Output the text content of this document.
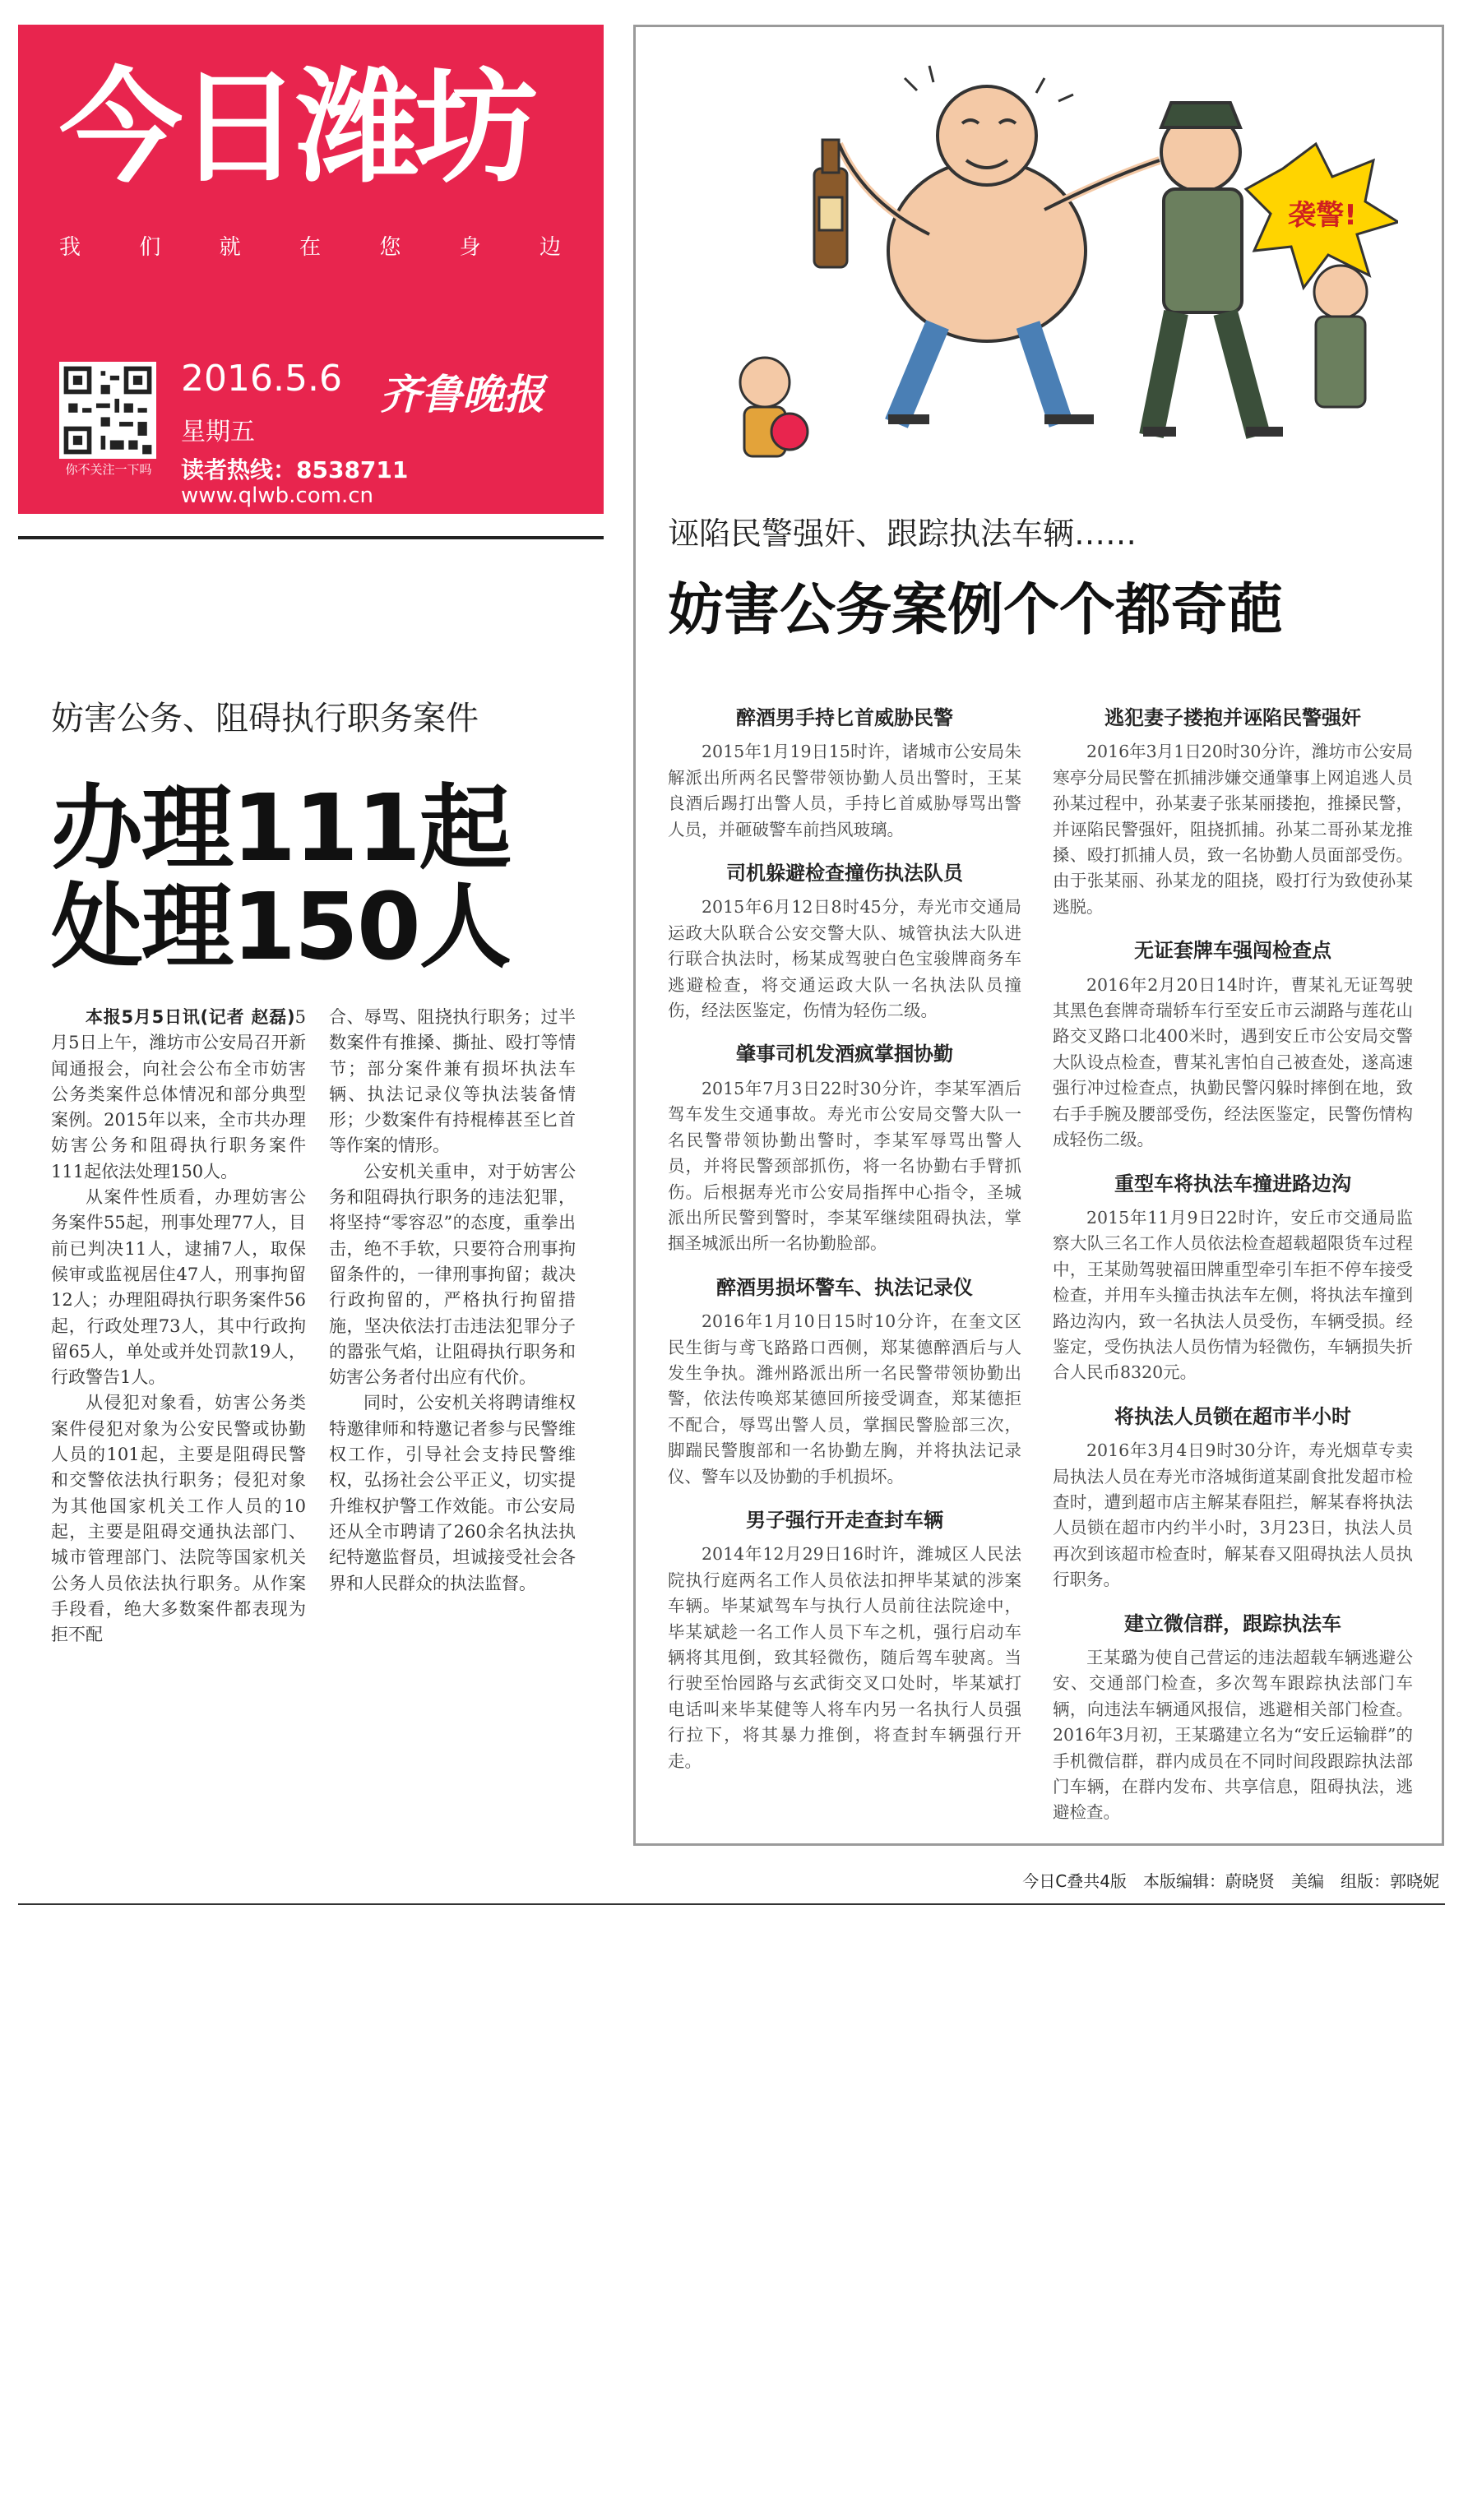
今日潍坊
我	们	就	在	您	身	边
你不关注一下吗
2016.5.6
星期五
齐鲁晚报
读者热线：8538711
www.qlwb.com.cn
妨害公务、阻碍执行职务案件
办理111起
处理150人

本报5月5日讯(记者 赵磊)5月5日上午，潍坊市公安局召开新闻通报会，向社会公布全市妨害公务类案件总体情况和部分典型案例。2015年以来，全市共办理妨害公务和阻碍执行职务案件111起依法处理150人。

从案件性质看，办理妨害公务案件55起，刑事处理77人，目前已判决11人，逮捕7人，取保候审或监视居住47人，刑事拘留12人；办理阻碍执行职务案件56起，行政处理73人，其中行政拘留65人，单处或并处罚款19人，行政警告1人。

从侵犯对象看，妨害公务类案件侵犯对象为公安民警或协勤人员的101起，主要是阻碍民警和交警依法执行职务；侵犯对象为其他国家机关工作人员的10起，主要是阻碍交通执法部门、城市管理部门、法院等国家机关公务人员依法执行职务。从作案手段看，绝大多数案件都表现为拒不配

合、辱骂、阻挠执行职务；过半数案件有推搡、撕扯、殴打等情节；部分案件兼有损坏执法车辆、执法记录仪等执法装备情形；少数案件有持棍棒甚至匕首等作案的情形。

公安机关重申，对于妨害公务和阻碍执行职务的违法犯罪，将坚持“零容忍”的态度，重拳出击，绝不手软，只要符合刑事拘留条件的，一律刑事拘留；裁决行政拘留的，严格执行拘留措施，坚决依法打击违法犯罪分子的嚣张气焰，让阻碍执行职务和妨害公务者付出应有代价。

同时，公安机关将聘请维权特邀律师和特邀记者参与民警维权工作，引导社会支持民警维权，弘扬社会公平正义，切实提升维权护警工作效能。市公安局还从全市聘请了260余名执法执纪特邀监督员，坦诚接受社会各界和人民群众的执法监督。

袭警!
诬陷民警强奸、跟踪执法车辆……
妨害公务案例个个都奇葩
醉酒男手持匕首威胁民警

2015年1月19日15时许，诸城市公安局朱解派出所两名民警带领协勤人员出警时，王某良酒后踢打出警人员，手持匕首威胁辱骂出警人员，并砸破警车前挡风玻璃。

司机躲避检查撞伤执法队员

2015年6月12日8时45分，寿光市交通局运政大队联合公安交警大队、城管执法大队进行联合执法时，杨某成驾驶白色宝骏牌商务车逃避检查，将交通运政大队一名执法队员撞伤，经法医鉴定，伤情为轻伤二级。

肇事司机发酒疯掌掴协勤

2015年7月3日22时30分许，李某军酒后驾车发生交通事故。寿光市公安局交警大队一名民警带领协勤出警时，李某军辱骂出警人员，并将民警颈部抓伤，将一名协勤右手臂抓伤。后根据寿光市公安局指挥中心指令，圣城派出所民警到警时，李某军继续阻碍执法，掌掴圣城派出所一名协勤脸部。

醉酒男损坏警车、执法记录仪

2016年1月10日15时10分许，在奎文区民生街与鸢飞路路口西侧，郑某德醉酒后与人发生争执。潍州路派出所一名民警带领协勤出警，依法传唤郑某德回所接受调查，郑某德拒不配合，辱骂出警人员，掌掴民警脸部三次，脚踹民警腹部和一名协勤左胸，并将执法记录仪、警车以及协勤的手机损坏。

男子强行开走查封车辆

2014年12月29日16时许，潍城区人民法院执行庭两名工作人员依法扣押毕某斌的涉案车辆。毕某斌驾车与执行人员前往法院途中，毕某斌趁一名工作人员下车之机，强行启动车辆将其甩倒，致其轻微伤，随后驾车驶离。当行驶至怡园路与玄武街交叉口处时，毕某斌打电话叫来毕某健等人将车内另一名执行人员强行拉下，将其暴力推倒，将查封车辆强行开走。

逃犯妻子搂抱并诬陷民警强奸

2016年3月1日20时30分许，潍坊市公安局寒亭分局民警在抓捕涉嫌交通肇事上网追逃人员孙某过程中，孙某妻子张某丽搂抱，推搡民警，并诬陷民警强奸，阻挠抓捕。孙某二哥孙某龙推搡、殴打抓捕人员，致一名协勤人员面部受伤。由于张某丽、孙某龙的阻挠，殴打行为致使孙某逃脱。

无证套牌车强闯检查点

2016年2月20日14时许，曹某礼无证驾驶其黑色套牌奇瑞轿车行至安丘市云湖路与莲花山路交叉路口北400米时，遇到安丘市公安局交警大队设点检查，曹某礼害怕自己被查处，遂高速强行冲过检查点，执勤民警闪躲时摔倒在地，致右手手腕及腰部受伤，经法医鉴定，民警伤情构成轻伤二级。

重型车将执法车撞进路边沟

2015年11月9日22时许，安丘市交通局监察大队三名工作人员依法检查超载超限货车过程中，王某勋驾驶福田牌重型牵引车拒不停车接受检查，并用车头撞击执法车左侧，将执法车撞到路边沟内，致一名执法人员受伤，车辆受损。经鉴定，受伤执法人员伤情为轻微伤，车辆损失折合人民币8320元。

将执法人员锁在超市半小时

2016年3月4日9时30分许，寿光烟草专卖局执法人员在寿光市洛城街道某副食批发超市检查时，遭到超市店主解某春阻拦，解某春将执法人员锁在超市内约半小时，3月23日，执法人员再次到该超市检查时，解某春又阻碍执法人员执行职务。

建立微信群，跟踪执法车

王某璐为使自己营运的违法超载车辆逃避公安、交通部门检查，多次驾车跟踪执法部门车辆，向违法车辆通风报信，逃避相关部门检查。2016年3月初，王某璐建立名为“安丘运输群”的手机微信群，群内成员在不同时间段跟踪执法部门车辆，在群内发布、共享信息，阻碍执法，逃避检查。

今日C叠共4版　本版编辑：蔚晓贤　美编　组版：郭晓妮
